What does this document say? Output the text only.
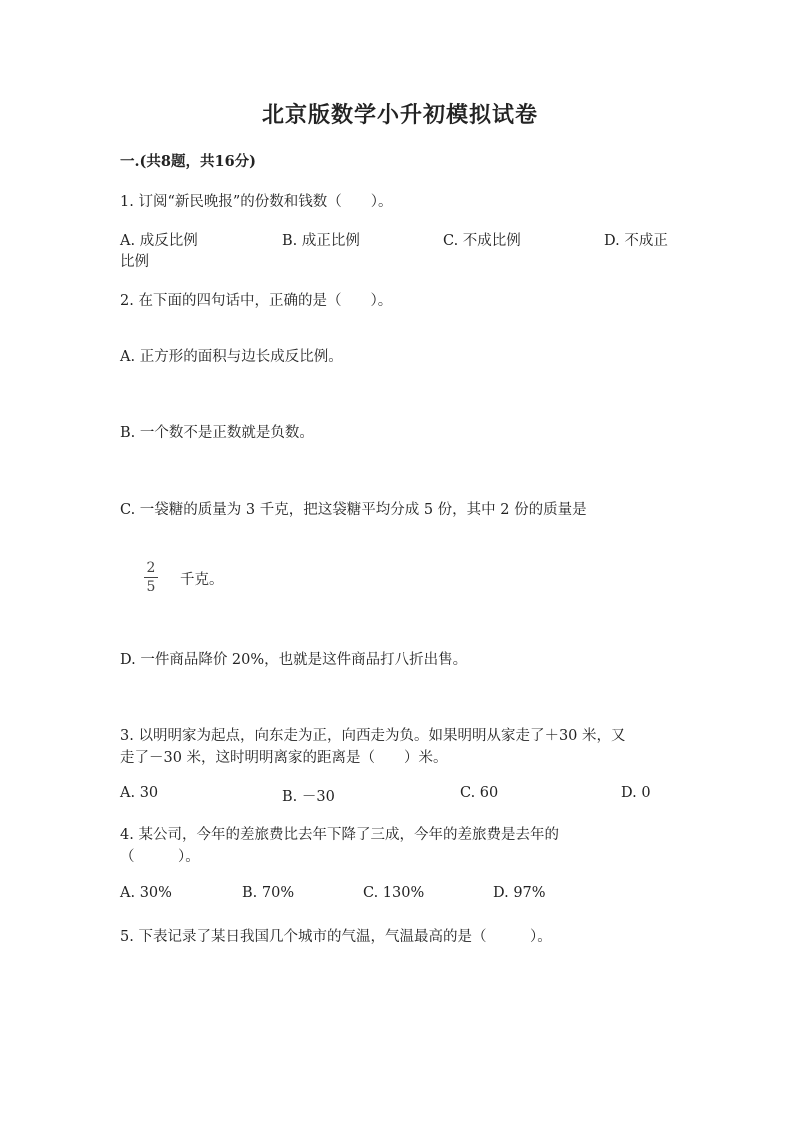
北京版数学小升初模拟试卷
一.(共8题，共16分)
1. 订阅“新民晚报”的份数和钱数（　　）。
A. 成反比例	B. 成正比例	C. 不成比例	D. 不成正
比例
2. 在下面的四句话中，正确的是（　　）。
A. 正方形的面积与边长成反比例。
B. 一个数不是正数就是负数。
C. 一袋糖的质量为 3 千克，把这袋糖平均分成 5 份，其中 2 份的质量是
2
5 千克。
D. 一件商品降价 20%，也就是这件商品打八折出售。
3. 以明明家为起点，向东走为正，向西走为负。如果明明从家走了＋30 米，又
走了－30 米，这时明明离家的距离是（　　）米。
A. 30	B. －30	C. 60	D. 0
4. 某公司，今年的差旅费比去年下降了三成，今年的差旅费是去年的
（　　　）。
A. 30%	B. 70%	C. 130%	D. 97%
5. 下表记录了某日我国几个城市的气温，气温最高的是（　　　）。
